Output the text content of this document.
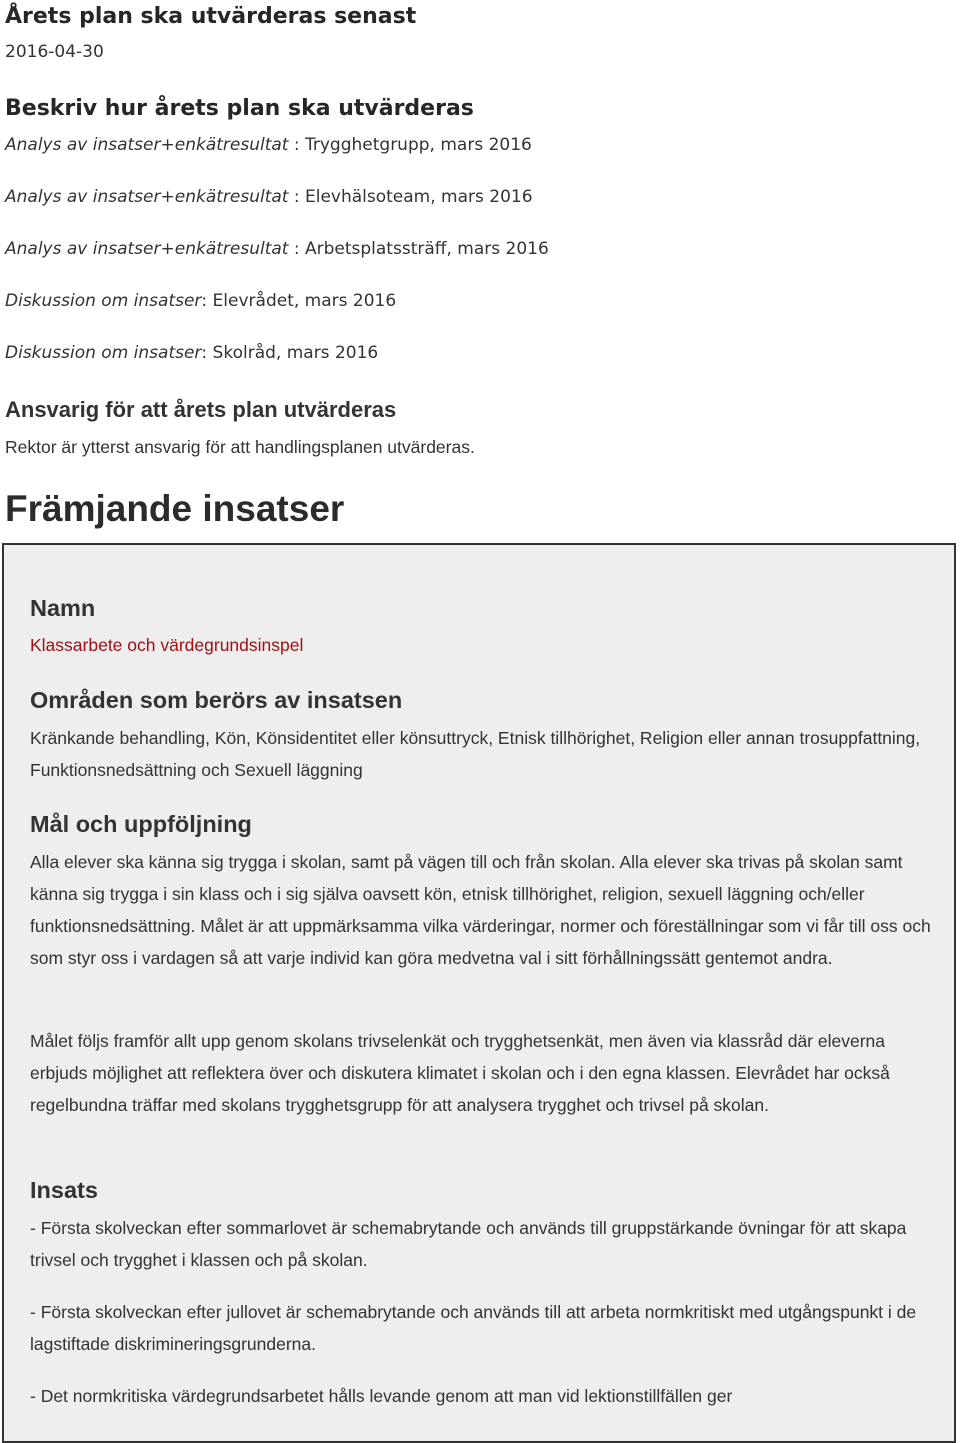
Årets plan ska utvärderas senast

2016-04-30

Beskriv hur årets plan ska utvärderas

Analys av insatser+enkätresultat : Trygghetgrupp, mars 2016

Analys av insatser+enkätresultat : Elevhälsoteam, mars 2016

Analys av insatser+enkätresultat : Arbetsplatssträff, mars 2016

Diskussion om insatser: Elevrådet, mars 2016

Diskussion om insatser: Skolråd, mars 2016

Ansvarig för att årets plan utvärderas

Rektor är ytterst ansvarig för att handlingsplanen utvärderas.

Främjande insatser
Namn

Klassarbete och värdegrundsinspel

Områden som berörs av insatsen

Kränkande behandling, Kön, Könsidentitet eller könsuttryck, Etnisk tillhörighet, Religion eller annan trosuppfattning, Funktionsnedsättning och Sexuell läggning

Mål och uppföljning

Alla elever ska känna sig trygga i skolan, samt på vägen till och från skolan. Alla elever ska trivas på skolan samt känna sig trygga i sin klass och i sig själva oavsett kön, etnisk tillhörighet, religion, sexuell läggning och/eller funktionsnedsättning. Målet är att uppmärksamma vilka värderingar, normer och föreställningar som vi får till oss och som styr oss i vardagen så att varje individ kan göra medvetna val i sitt förhållningssätt gentemot andra.

Målet följs framför allt upp genom skolans trivselenkät och trygghetsenkät, men även via klassråd där eleverna erbjuds möjlighet att reflektera över och diskutera klimatet i skolan och i den egna klassen. Elevrådet har också regelbundna träffar med skolans trygghetsgrupp för att analysera trygghet och trivsel på skolan.

Insats

- Första skolveckan efter sommarlovet är schemabrytande och används till gruppstärkande övningar för att skapa trivsel och trygghet i klassen och på skolan.

- Första skolveckan efter jullovet är schemabrytande och används till att arbeta normkritiskt med utgångspunkt i de lagstiftade diskrimineringsgrunderna.

- Det normkritiska värdegrundsarbetet hålls levande genom att man vid lektionstillfällen ger
